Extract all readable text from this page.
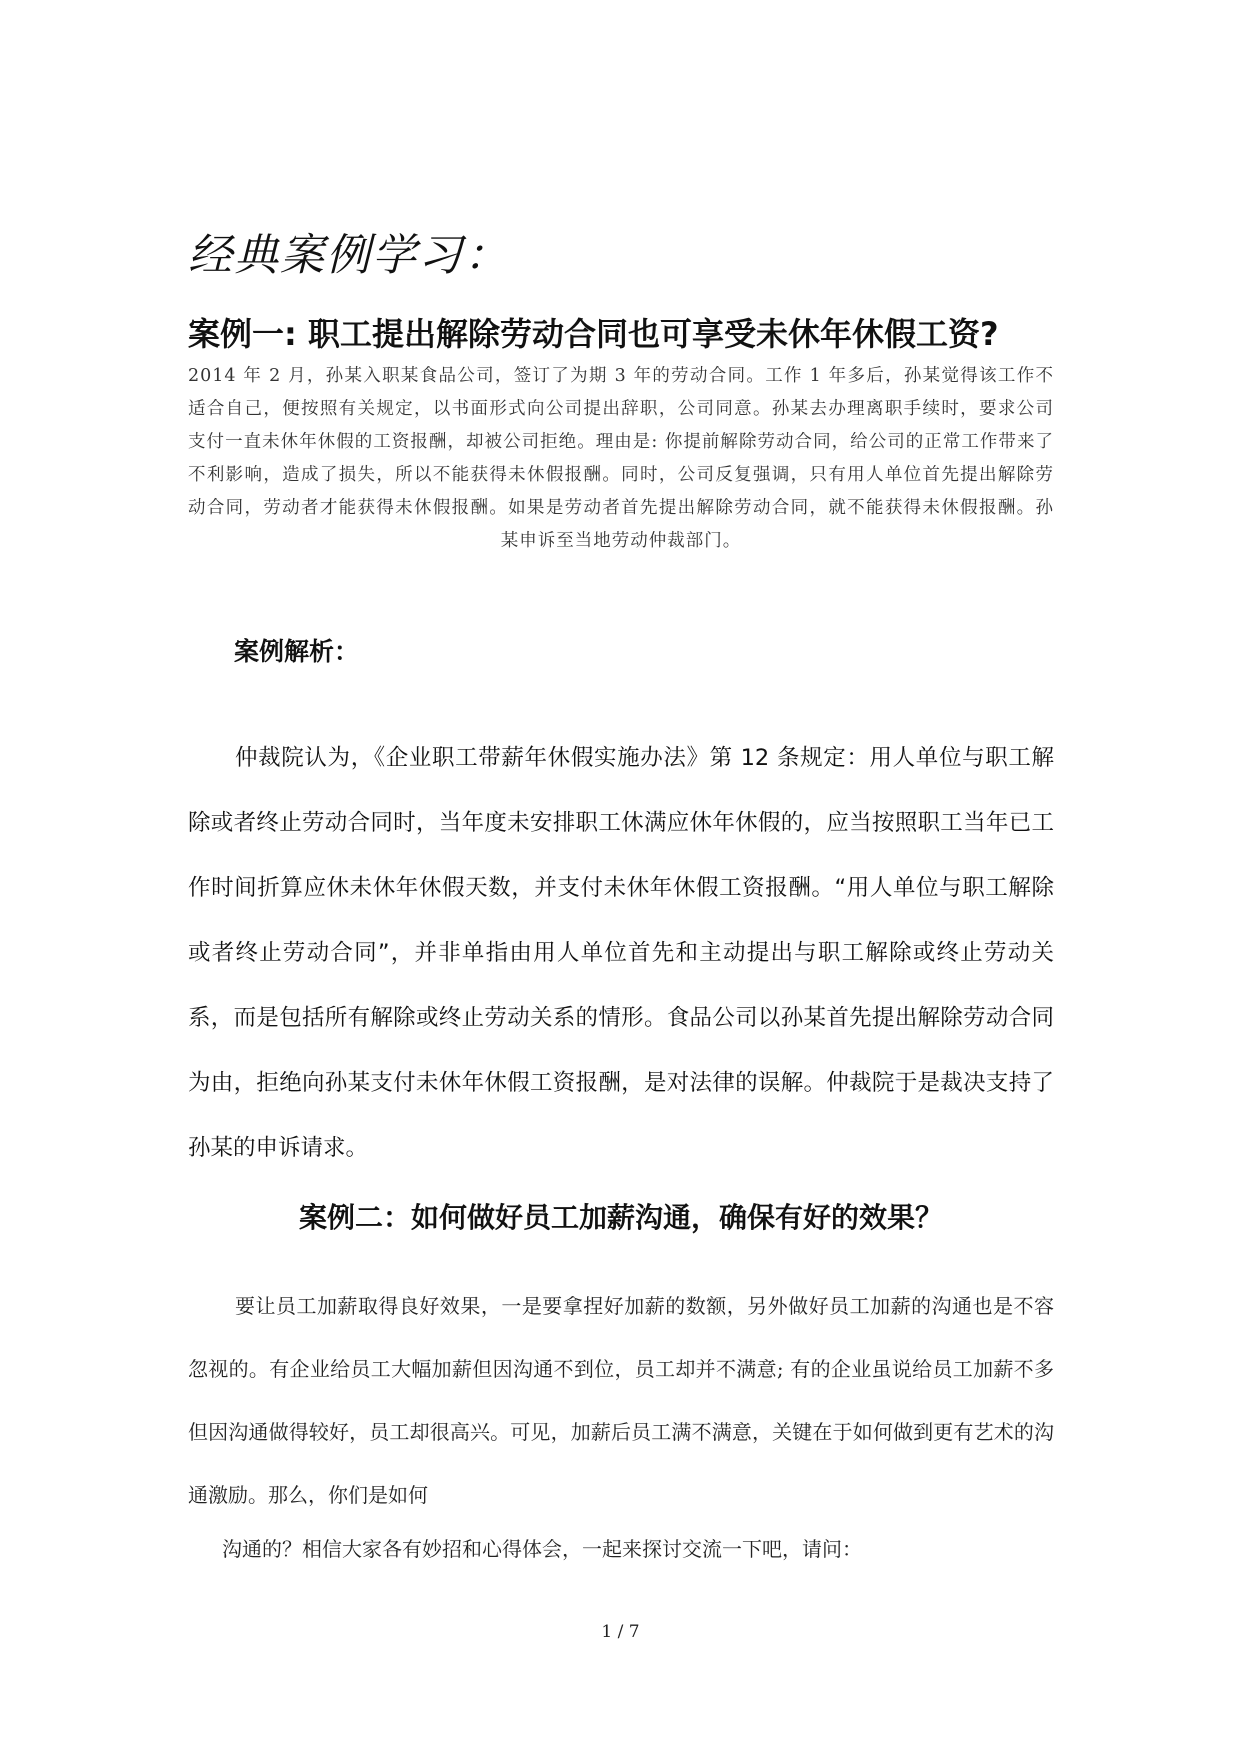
经典案例学习：
案例一: 职工提出解除劳动合同也可享受未休年休假工资?

2014 年 2 月，孙某入职某食品公司，签订了为期 3 年的劳动合同。工作 1 年多后，孙某觉得该工作不适合自己，便按照有关规定，以书面形式向公司提出辞职，公司同意。孙某去办理离职手续时，要求公司支付一直未休年休假的工资报酬，却被公司拒绝。理由是: 你提前解除劳动合同，给公司的正常工作带来了不利影响，造成了损失，所以不能获得未休假报酬。同时，公司反复强调，只有用人单位首先提出解除劳动合同，劳动者才能获得未休假报酬。如果是劳动者首先提出解除劳动合同，就不能获得未休假报酬。孙某申诉至当地劳动仲裁部门。

案例解析：

仲裁院认为，《企业职工带薪年休假实施办法》第 12 条规定：用人单位与职工解除或者终止劳动合同时，当年度未安排职工休满应休年休假的，应当按照职工当年已工作时间折算应休未休年休假天数，并支付未休年休假工资报酬。“用人单位与职工解除或者终止劳动合同”，并非单指由用人单位首先和主动提出与职工解除或终止劳动关系，而是包括所有解除或终止劳动关系的情形。食品公司以孙某首先提出解除劳动合同为由，拒绝向孙某支付未休年休假工资报酬，是对法律的误解。仲裁院于是裁决支持了孙某的申诉请求。

案例二：如何做好员工加薪沟通，确保有好的效果？

要让员工加薪取得良好效果，一是要拿捏好加薪的数额，另外做好员工加薪的沟通也是不容忽视的。有企业给员工大幅加薪但因沟通不到位，员工却并不满意; 有的企业虽说给员工加薪不多但因沟通做得较好，员工却很高兴。可见，加薪后员工满不满意，关键在于如何做到更有艺术的沟通激励。那么，你们是如何

沟通的？相信大家各有妙招和心得体会，一起来探讨交流一下吧，请问：

1 / 7
